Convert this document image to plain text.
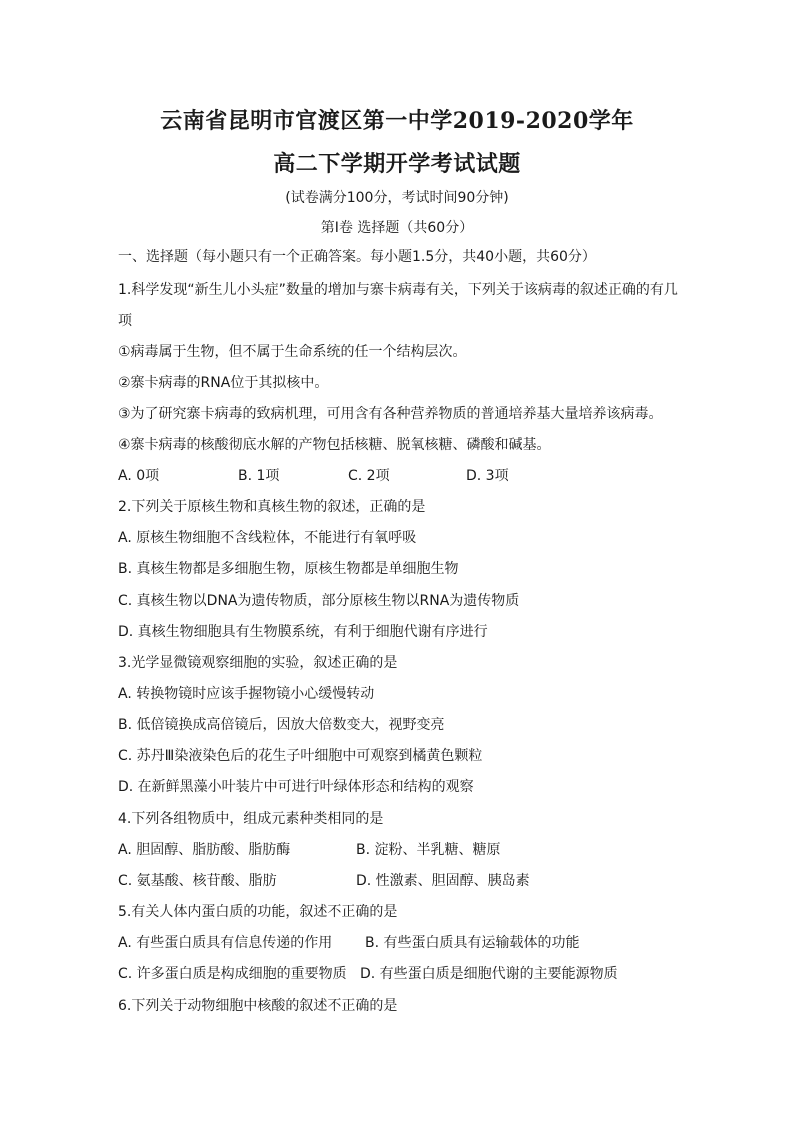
云南省昆明市官渡区第一中学2019-2020学年
高二下学期开学考试试题
(试卷满分100分，考试时间90分钟)
第Ⅰ卷 选择题（共60分）
一、选择题（每小题只有一个正确答案。每小题1.5分，共40小题，共60分）
1.科学发现“新生儿小头症”数量的增加与寨卡病毒有关，下列关于该病毒的叙述正确的有几
项
①病毒属于生物，但不属于生命系统的任一个结构层次。
②寨卡病毒的RNA位于其拟核中。
③为了研究寨卡病毒的致病机理，可用含有各种营养物质的普通培养基大量培养该病毒。
④寨卡病毒的核酸彻底水解的产物包括核糖、脱氧核糖、磷酸和碱基。
A. 0项	B. 1项	C. 2项	D. 3项
2.下列关于原核生物和真核生物的叙述，正确的是
A. 原核生物细胞不含线粒体，不能进行有氧呼吸
B. 真核生物都是多细胞生物，原核生物都是单细胞生物
C. 真核生物以DNA为遗传物质，部分原核生物以RNA为遗传物质
D. 真核生物细胞具有生物膜系统，有利于细胞代谢有序进行
3.光学显微镜观察细胞的实验，叙述正确的是
A. 转换物镜时应该手握物镜小心缓慢转动
B. 低倍镜换成高倍镜后，因放大倍数变大，视野变亮
C. 苏丹Ⅲ染液染色后的花生子叶细胞中可观察到橘黄色颗粒
D. 在新鲜黑藻小叶装片中可进行叶绿体形态和结构的观察
4.下列各组物质中，组成元素种类相同的是
A. 胆固醇、脂肪酸、脂肪酶	B. 淀粉、半乳糖、糖原
C. 氨基酸、核苷酸、脂肪	D. 性激素、胆固醇、胰岛素
5.有关人体内蛋白质的功能，叙述不正确的是
A. 有些蛋白质具有信息传递的作用 B. 有些蛋白质具有运输载体的功能
C. 许多蛋白质是构成细胞的重要物质 D. 有些蛋白质是细胞代谢的主要能源物质
6.下列关于动物细胞中核酸的叙述不正确的是
